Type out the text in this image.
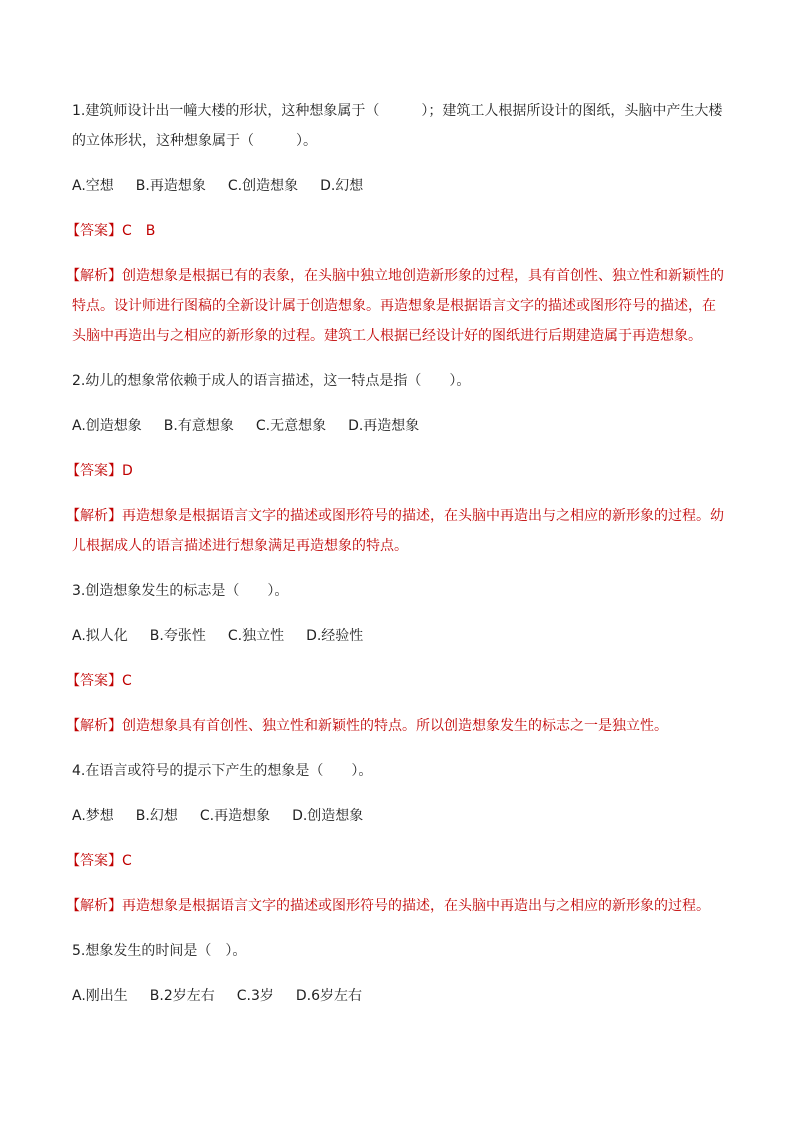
1.建筑师设计出一幢大楼的形状，这种想象属于（　　　）；建筑工人根据所设计的图纸，头脑中产生大楼的立体形状，这种想象属于（　　　）。

A.空想 B.再造想象 C.创造想象 D.幻想

【答案】C　B

【解析】创造想象是根据已有的表象，在头脑中独立地创造新形象的过程，具有首创性、独立性和新颖性的特点。设计师进行图稿的全新设计属于创造想象。再造想象是根据语言文字的描述或图形符号的描述，在头脑中再造出与之相应的新形象的过程。建筑工人根据已经设计好的图纸进行后期建造属于再造想象。

2.幼儿的想象常依赖于成人的语言描述，这一特点是指（　　）。

A.创造想象 B.有意想象 C.无意想象 D.再造想象

【答案】D

【解析】再造想象是根据语言文字的描述或图形符号的描述，在头脑中再造出与之相应的新形象的过程。幼儿根据成人的语言描述进行想象满足再造想象的特点。

3.创造想象发生的标志是（　　）。

A.拟人化 B.夸张性 C.独立性 D.经验性

【答案】C

【解析】创造想象具有首创性、独立性和新颖性的特点。所以创造想象发生的标志之一是独立性。

4.在语言或符号的提示下产生的想象是（　　）。

A.梦想 B.幻想 C.再造想象 D.创造想象

【答案】C

【解析】再造想象是根据语言文字的描述或图形符号的描述，在头脑中再造出与之相应的新形象的过程。

5.想象发生的时间是（　）。

A.刚出生 B.2岁左右 C.3岁 D.6岁左右
